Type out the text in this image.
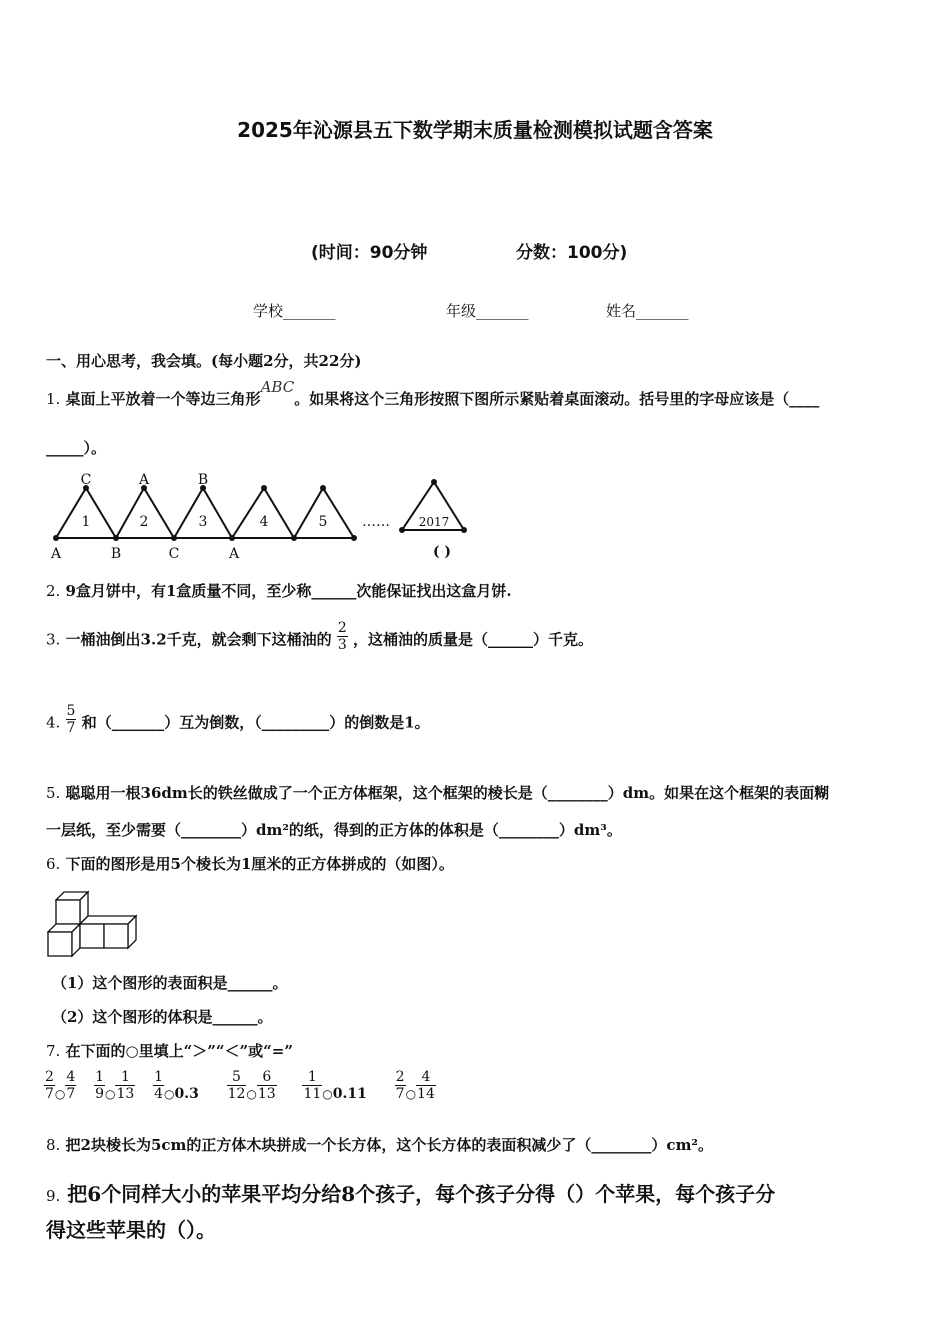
2025年沁源县五下数学期末质量检测模拟试题含答案
(时间：90分钟	分数：100分)
学校_______	年级_______	姓名_______
一、用心思考，我会填。(每小题2分，共22分)
1. 桌面上平放着一个等边三角形ABC。如果将这个三角形按照下图所示紧贴着桌面滚动。括号里的字母应该是（____
_____）。
C	A	B
A	B	C	A
1	2	3	4	5 …… 2017
( )
2. 9盒月饼中，有1盒质量不同，至少称______次能保证找出这盒月饼.
3. 一桶油倒出3.2千克，就会剩下这桶油的 $\frac{2}{3}$ ，这桶油的质量是（______）千克。
4. $\frac{5}{7}$ 和（_______）互为倒数，（_________）的倒数是1。
5. 聪聪用一根36dm长的铁丝做成了一个正方体框架，这个框架的棱长是（________）dm。如果在这个框架的表面糊
一层纸，至少需要（________）dm²的纸，得到的正方体的体积是（________）dm³。
6. 下面的图形是用5个棱长为1厘米的正方体拼成的（如图）。
（1）这个图形的表面积是______。
（2）这个图形的体积是______。
7. 在下面的○里填上“＞”“＜”或“=”
$\frac{2}{7}$ ○ $\frac{4}{7}$
$\frac{1}{9}$ ○ $\frac{1}{13}$
$\frac{1}{4}$ ○0.3 $\frac{5}{12}$ ○ $\frac{6}{13}$
$\frac{1}{11}$ ○0.11 $\frac{2}{7}$ ○ $\frac{4}{14}$
8. 把2块棱长为5cm的正方体木块拼成一个长方体，这个长方体的表面积减少了（________）cm²。
9. 把6个同样大小的苹果平均分给8个孩子，每个孩子分得（）个苹果，每个孩子分
得这些苹果的（）。
